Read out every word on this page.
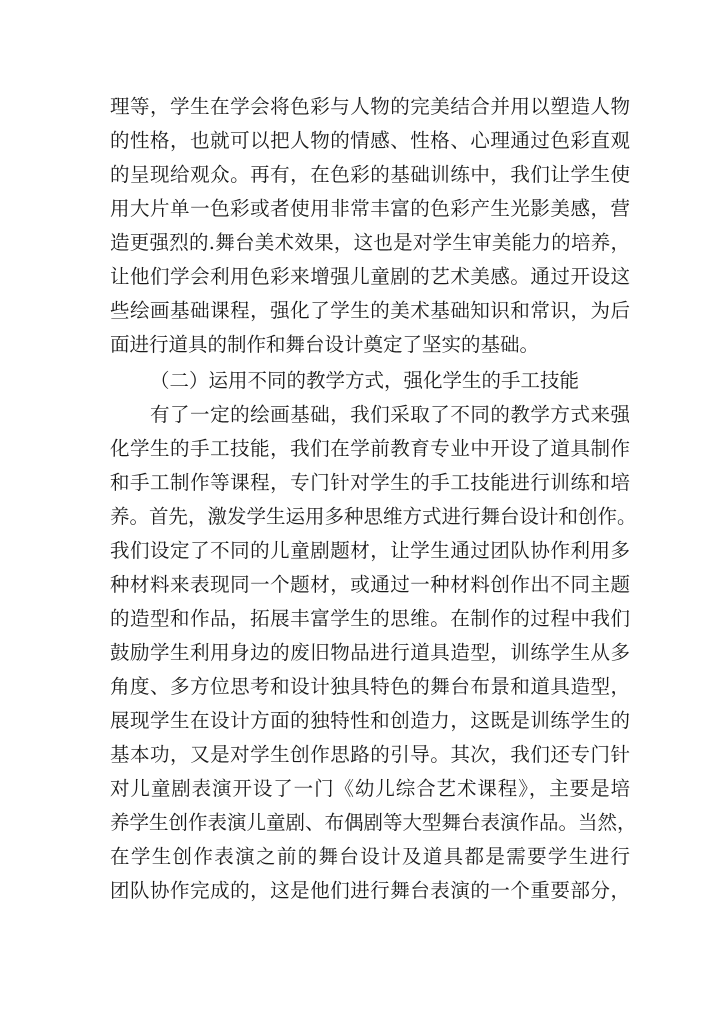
理等，学生在学会将色彩与人物的完美结合并用以塑造人物
的性格，也就可以把人物的情感、性格、心理通过色彩直观
的呈现给观众。再有，在色彩的基础训练中，我们让学生使
用大片单一色彩或者使用非常丰富的色彩产生光影美感，营
造更强烈的.舞台美术效果，这也是对学生审美能力的培养，
让他们学会利用色彩来增强儿童剧的艺术美感。通过开设这
些绘画基础课程，强化了学生的美术基础知识和常识，为后
面进行道具的制作和舞台设计奠定了坚实的基础。
（二）运用不同的教学方式，强化学生的手工技能
有了一定的绘画基础，我们采取了不同的教学方式来强
化学生的手工技能，我们在学前教育专业中开设了道具制作
和手工制作等课程，专门针对学生的手工技能进行训练和培
养。首先，激发学生运用多种思维方式进行舞台设计和创作。
我们设定了不同的儿童剧题材，让学生通过团队协作利用多
种材料来表现同一个题材，或通过一种材料创作出不同主题
的造型和作品，拓展丰富学生的思维。在制作的过程中我们
鼓励学生利用身边的废旧物品进行道具造型，训练学生从多
角度、多方位思考和设计独具特色的舞台布景和道具造型，
展现学生在设计方面的独特性和创造力，这既是训练学生的
基本功，又是对学生创作思路的引导。其次，我们还专门针
对儿童剧表演开设了一门《幼儿综合艺术课程》，主要是培
养学生创作表演儿童剧、布偶剧等大型舞台表演作品。当然，
在学生创作表演之前的舞台设计及道具都是需要学生进行
团队协作完成的，这是他们进行舞台表演的一个重要部分，
